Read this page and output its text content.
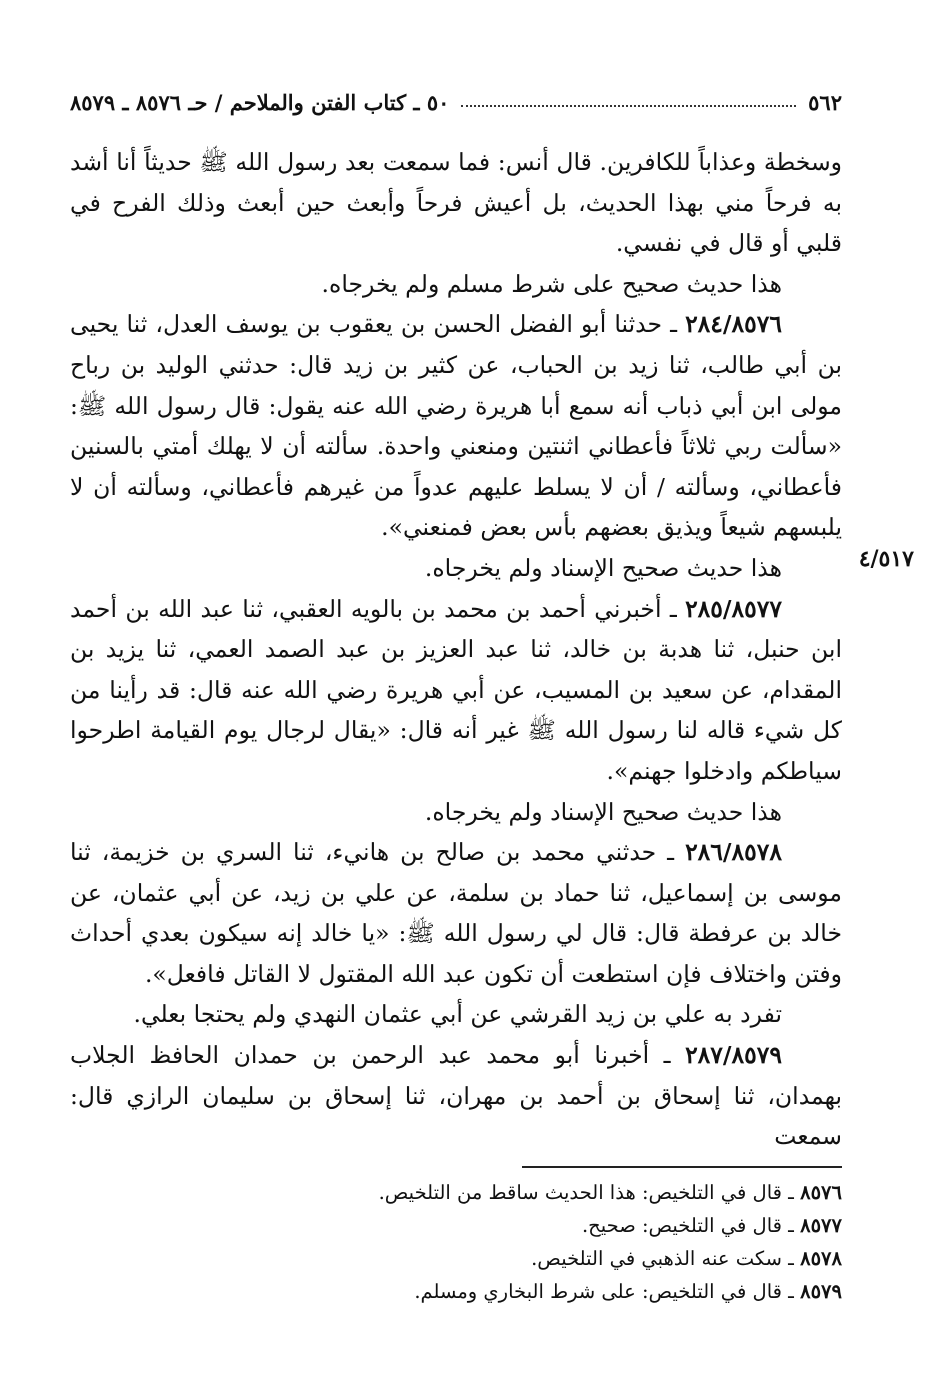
٥٦٢
٥٠ ـ كتاب الفتن والملاحم / حـ ٨٥٧٦ ـ ٨٥٧٩

وسخطة وعذاباً للكافرين. قال أنس: فما سمعت بعد رسول الله ﷺ حديثاً أنا أشد به فرحاً مني بهذا الحديث، بل أعيش فرحاً وأبعث حين أبعث وذلك الفرح في قلبي أو قال في نفسي.

هذا حديث صحيح على شرط مسلم ولم يخرجاه.

٢٨٤/٨٥٧٦ ـ حدثنا أبو الفضل الحسن بن يعقوب بن يوسف العدل، ثنا يحيى بن أبي طالب، ثنا زيد بن الحباب، عن كثير بن زيد قال: حدثني الوليد بن رباح مولى ابن أبي ذباب أنه سمع أبا هريرة رضي الله عنه يقول: قال رسول الله ﷺ: «سألت ربي ثلاثاً فأعطاني اثنتين ومنعني واحدة. سألته أن لا يهلك أمتي بالسنين فأعطاني، وسألته / أن لا يسلط عليهم عدواً من غيرهم فأعطاني، وسألته أن لا يلبسهم شيعاً ويذيق بعضهم بأس بعض فمنعني».

هذا حديث صحيح الإسناد ولم يخرجاه.

٢٨٥/٨٥٧٧ ـ أخبرني أحمد بن محمد بن بالويه العقبي، ثنا عبد الله بن أحمد ابن حنبل، ثنا هدبة بن خالد، ثنا عبد العزيز بن عبد الصمد العمي، ثنا يزيد بن المقدام، عن سعيد بن المسيب، عن أبي هريرة رضي الله عنه قال: قد رأينا من كل شيء قاله لنا رسول الله ﷺ غير أنه قال: «يقال لرجال يوم القيامة اطرحوا سياطكم وادخلوا جهنم».

هذا حديث صحيح الإسناد ولم يخرجاه.

٢٨٦/٨٥٧٨ ـ حدثني محمد بن صالح بن هانيء، ثنا السري بن خزيمة، ثنا موسى بن إسماعيل، ثنا حماد بن سلمة، عن علي بن زيد، عن أبي عثمان، عن خالد بن عرفطة قال: قال لي رسول الله ﷺ: «يا خالد إنه سيكون بعدي أحداث وفتن واختلاف فإن استطعت أن تكون عبد الله المقتول لا القاتل فافعل».

تفرد به علي بن زيد القرشي عن أبي عثمان النهدي ولم يحتجا بعلي.

٢٨٧/٨٥٧٩ ـ أخبرنا أبو محمد عبد الرحمن بن حمدان الحافظ الجلاب بهمدان، ثنا إسحاق بن أحمد بن مهران، ثنا إسحاق بن سليمان الرازي قال: سمعت

٤/٥١٧

٨٥٧٦ ـ قال في التلخيص: هذا الحديث ساقط من التلخيص.

٨٥٧٧ ـ قال في التلخيص: صحيح.

٨٥٧٨ ـ سكت عنه الذهبي في التلخيص.

٨٥٧٩ ـ قال في التلخيص: على شرط البخاري ومسلم.
